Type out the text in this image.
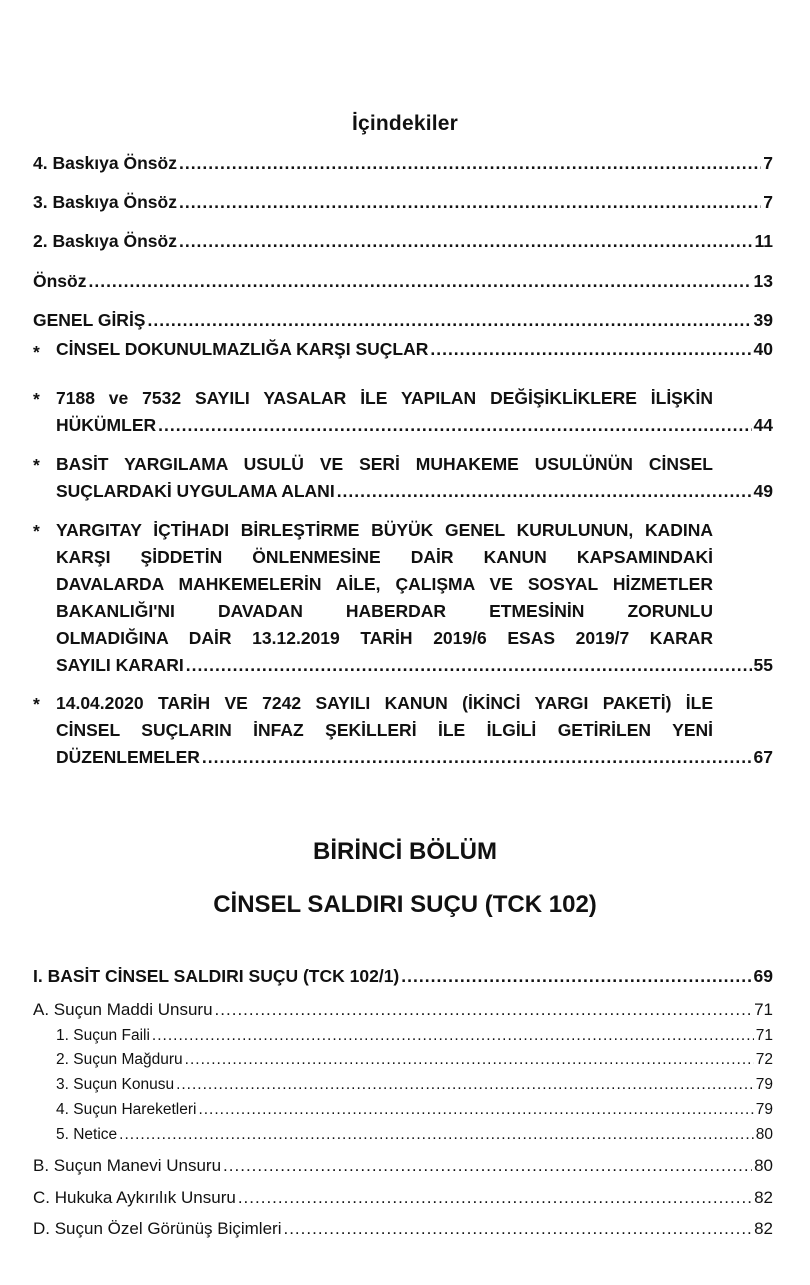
İçindekiler
4. Baskıya Önsöz .....	7
3. Baskıya Önsöz .....	7
2. Baskıya Önsöz .....	11
Önsöz .....	13
GENEL GİRİŞ .....	39
* CİNSEL DOKUNULMAZLIĞA KARŞI SUÇLAR .....	40
* 7188 ve 7532 SAYILI YASALAR İLE YAPILAN DEĞİŞİKLİKLERE İLİŞKİN
HÜKÜMLER .....	44
* BASİT YARGILAMA USULÜ VE SERİ MUHAKEME USULÜNÜN CİNSEL
SUÇLARDAKİ UYGULAMA ALANI .....	49
* YARGITAY İÇTİHADI BİRLEŞTİRME BÜYÜK GENEL KURULUNUN, KADINA
KARŞI ŞİDDETİN ÖNLENMESİNE DAİR KANUN KAPSAMINDAKİ
DAVALARDA MAHKEMELERİN AİLE, ÇALIŞMA VE SOSYAL HİZMETLER
BAKANLIĞI'NI DAVADAN HABERDAR ETMESİNİN ZORUNLU
OLMADIĞINA DAİR 13.12.2019 TARİH 2019/6 ESAS 2019/7 KARAR
SAYILI KARARI .....	55
* 14.04.2020 TARİH VE 7242 SAYILI KANUN (İKİNCİ YARGI PAKETİ) İLE
CİNSEL SUÇLARIN İNFAZ ŞEKİLLERİ İLE İLGİLİ GETİRİLEN YENİ
DÜZENLEMELER .....	67
BİRİNCİ BÖLÜM
CİNSEL SALDIRI SUÇU (TCK 102)
I. BASİT CİNSEL SALDIRI SUÇU (TCK 102/1) .....	69
A. Suçun Maddi Unsuru .....	71
1. Suçun Faili .....	71
2. Suçun Mağduru .....	72
3. Suçun Konusu .....	79
4. Suçun Hareketleri .....	79
5. Netice .....	80
B. Suçun Manevi Unsuru .....	80
C. Hukuka Aykırılık Unsuru .....	82
D. Suçun Özel Görünüş Biçimleri .....	82
